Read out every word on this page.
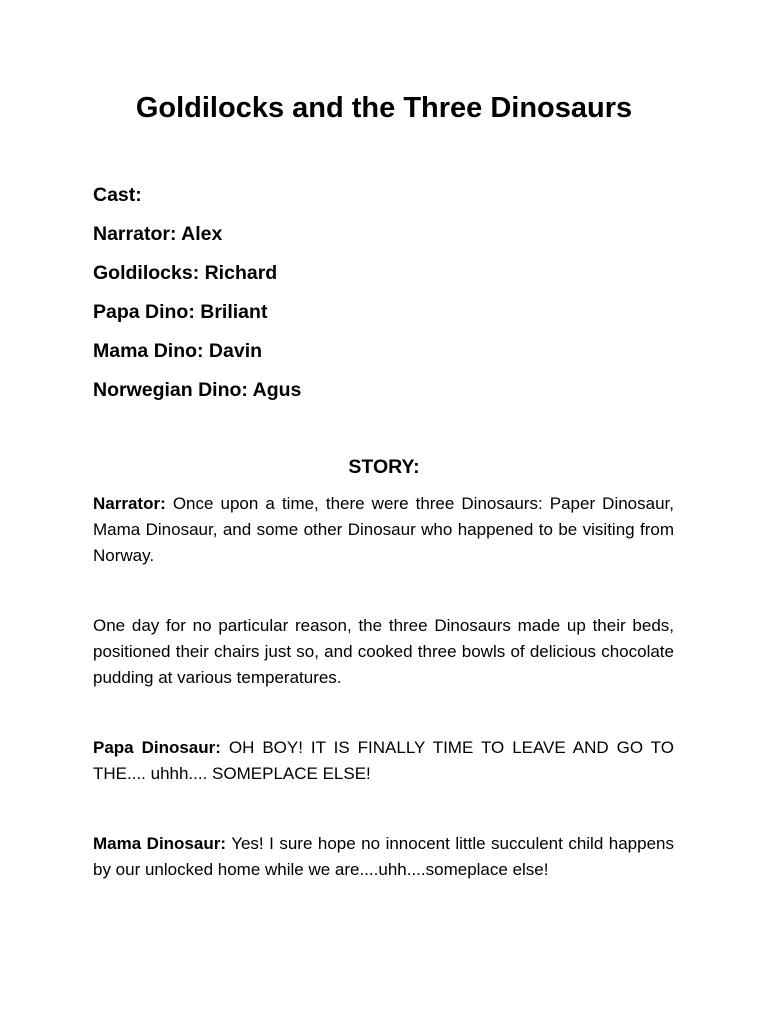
Goldilocks and the Three Dinosaurs
Cast:
Narrator: Alex
Goldilocks: Richard
Papa Dino: Briliant
Mama Dino: Davin
Norwegian Dino: Agus
STORY:

Narrator: Once upon a time, there were three Dinosaurs: Paper Dinosaur, Mama Dinosaur, and some other Dinosaur who happened to be visiting from Norway.

One day for no particular reason, the three Dinosaurs made up their beds, positioned their chairs just so, and cooked three bowls of delicious chocolate pudding at various temperatures.

Papa Dinosaur: OH BOY! IT IS FINALLY TIME TO LEAVE AND GO TO THE.... uhhh.... SOMEPLACE ELSE!

Mama Dinosaur: Yes! I sure hope no innocent little succulent child happens by our unlocked home while we are....uhh....someplace else!
